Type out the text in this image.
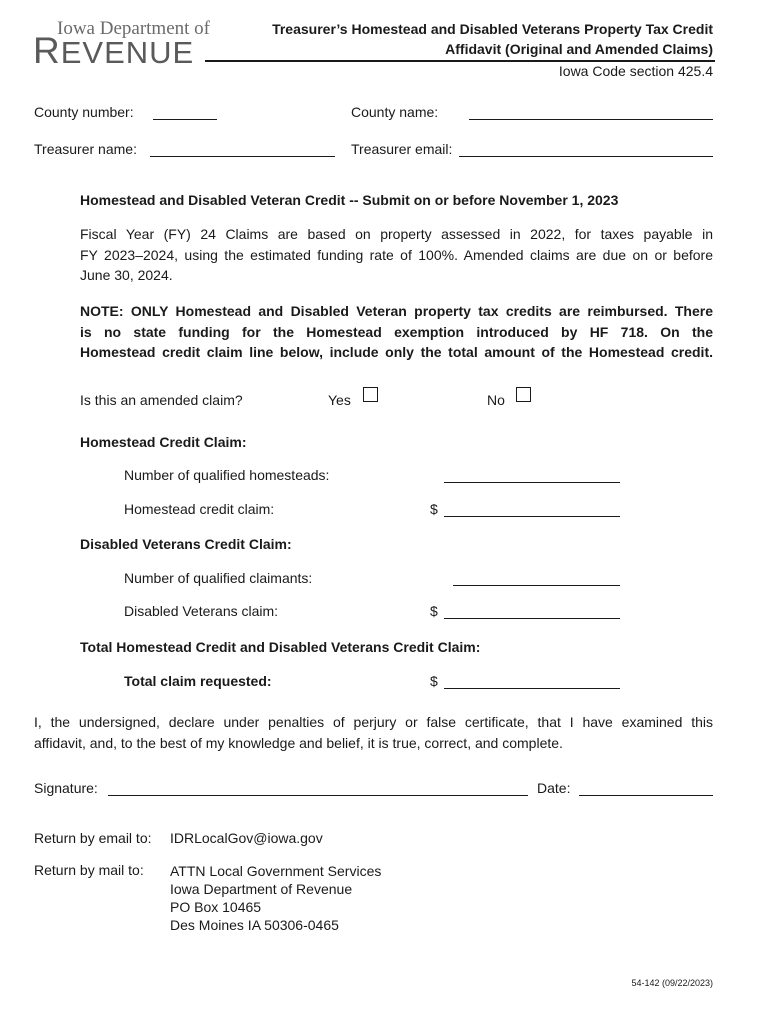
Iowa Department of
REVENUE
Treasurer’s Homestead and Disabled Veterans Property Tax Credit
Affidavit (Original and Amended Claims)
Iowa Code section 425.4
County number:	County name:
Treasurer name:	Treasurer email:
Homestead and Disabled Veteran Credit -- Submit on or before November 1, 2023
Fiscal Year (FY) 24 Claims are based on property assessed in 2022, for taxes payable in
FY 2023–2024, using the estimated funding rate of 100%. Amended claims are due on or before
June 30, 2024.
NOTE: ONLY Homestead and Disabled Veteran property tax credits are reimbursed. There
is no state funding for the Homestead exemption introduced by HF 718. On the
Homestead credit claim line below, include only the total amount of the Homestead credit.
Is this an amended claim?	Yes	No
Homestead Credit Claim:
Number of qualified homesteads:
Homestead credit claim:	$
Disabled Veterans Credit Claim:
Number of qualified claimants:
Disabled Veterans claim:	$
Total Homestead Credit and Disabled Veterans Credit Claim:
Total claim requested:	$
I, the undersigned, declare under penalties of perjury or false certificate, that I have examined this
affidavit, and, to the best of my knowledge and belief, it is true, correct, and complete.
Signature:	Date:
Return by email to: IDRLocalGov@iowa.gov
Return by mail to: ATTN Local Government Services
Iowa Department of Revenue
PO Box 10465
Des Moines IA 50306-0465
54-142 (09/22/2023)
